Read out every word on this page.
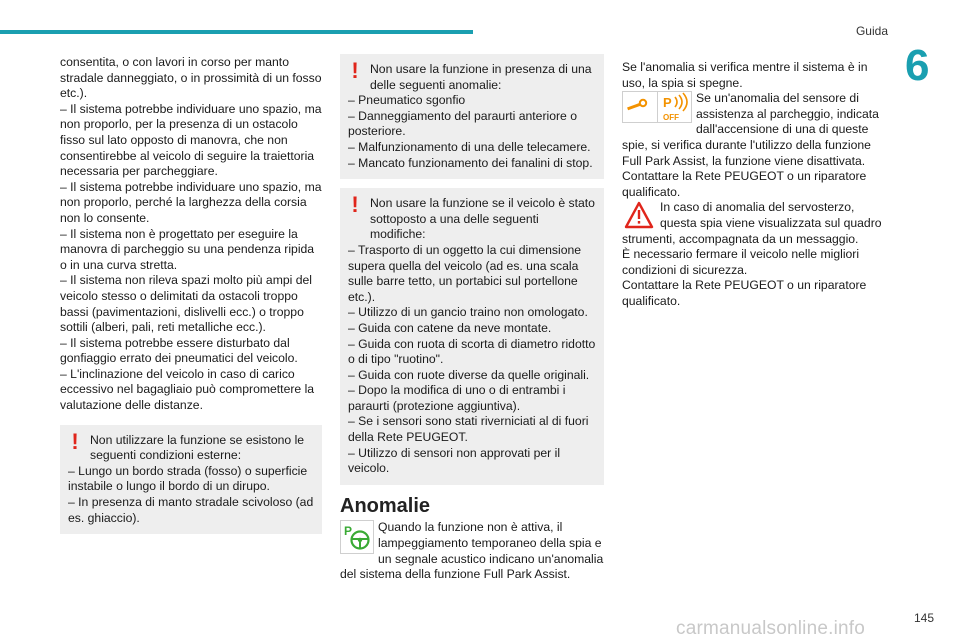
Guida
6

consentita, o con lavori in corso per manto stradale danneggiato, o in prossimità di un fosso etc.).

– Il sistema potrebbe individuare uno spazio, ma non proporlo, per la presenza di un ostacolo fisso sul lato opposto di manovra, che non consentirebbe al veicolo di seguire la traiettoria necessaria per parcheggiare.

– Il sistema potrebbe individuare uno spazio, ma non proporlo, perché la larghezza della corsia non lo consente.

– Il sistema non è progettato per eseguire la manovra di parcheggio su una pendenza ripida o in una curva stretta.

– Il sistema non rileva spazi molto più ampi del veicolo stesso o delimitati da ostacoli troppo bassi (pavimentazioni, dislivelli ecc.) o troppo sottili (alberi, pali, reti metalliche ecc.).

– Il sistema potrebbe essere disturbato dal gonfiaggio errato dei pneumatici del veicolo.

– L'inclinazione del veicolo in caso di carico eccessivo nel bagagliaio può compromettere la valutazione delle distanze.

! Non utilizzare la funzione se esistono le seguenti condizioni esterne:

– Lungo un bordo strada (fosso) o superficie instabile o lungo il bordo di un dirupo.

– In presenza di manto stradale scivoloso (ad es. ghiaccio).

! Non usare la funzione in presenza di una delle seguenti anomalie:

– Pneumatico sgonfio

– Danneggiamento del paraurti anteriore o posteriore.

– Malfunzionamento di una delle telecamere.

– Mancato funzionamento dei fanalini di stop.

! Non usare la funzione se il veicolo è stato sottoposto a una delle seguenti modifiche:

– Trasporto di un oggetto la cui dimensione supera quella del veicolo (ad es. una scala sulle barre tetto, un portabici sul portellone etc.).

– Utilizzo di un gancio traino non omologato.

– Guida con catene da neve montate.

– Guida con ruota di scorta di diametro ridotto o di tipo "ruotino".

– Guida con ruote diverse da quelle originali.

– Dopo la modifica di uno o di entrambi i paraurti (protezione aggiuntiva).

– Se i sensori sono stati riverniciati al di fuori della Rete PEUGEOT.

– Utilizzo di sensori non approvati per il veicolo.

Anomalie
P	Quando la funzione non è attiva, il lampeggiamento temporaneo della spia e un segnale acustico indicano un'anomalia del sistema della funzione Full Park Assist.

Se l'anomalia si verifica mentre il sistema è in uso, la spia si spegne.

P
OFF

Se un'anomalia del sensore di assistenza al parcheggio, indicata dall'accensione di una di queste spie, si verifica durante l'utilizzo della funzione Full Park Assist, la funzione viene disattivata.

Contattare la Rete PEUGEOT o un riparatore qualificato.

In caso di anomalia del servosterzo, questa spia viene visualizzata sul quadro strumenti, accompagnata da un messaggio.

È necessario fermare il veicolo nelle migliori condizioni di sicurezza.

Contattare la Rete PEUGEOT o un riparatore qualificato.

145
carmanualsonline.info
